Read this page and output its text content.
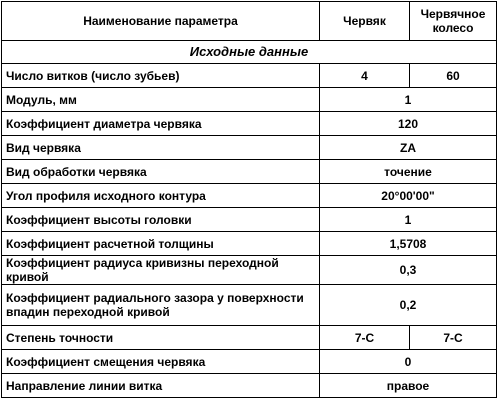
Наименование параметра	Червяк	Червячное колесо
Исходные данные		
Число витков (число зубьев)	4	60
Модуль, мм	1	
Коэффициент диаметра червяка	120	
Вид червяка	ZA	
Вид обработки червяка	точение	
Угол профиля исходного контура	20°00'00"	
Коэффициент высоты головки	1	
Коэффициент расчетной толщины	1,5708	
Коэффициент радиуса кривизны переходной кривой	0,3	
Коэффициент радиального зазора у поверхности впадин переходной кривой	0,2	
Степень точности	7-C	7-C
Коэффициент смещения червяка	0	
Направление линии витка	правое	
